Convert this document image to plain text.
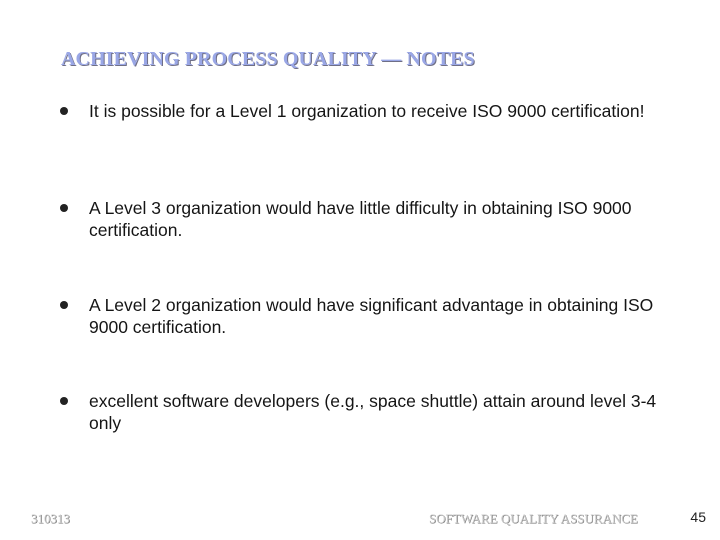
ACHIEVING PROCESS QUALITY — NOTES
It is possible for a Level 1 organization to receive ISO 9000 certification!
A Level 3 organization would have little difficulty in obtaining ISO 9000 certification.
A Level 2 organization would have significant advantage in obtaining ISO 9000 certification.
excellent software developers (e.g., space shuttle) attain around level 3-4 only
310313	SOFTWARE QUALITY ASSURANCE	45
